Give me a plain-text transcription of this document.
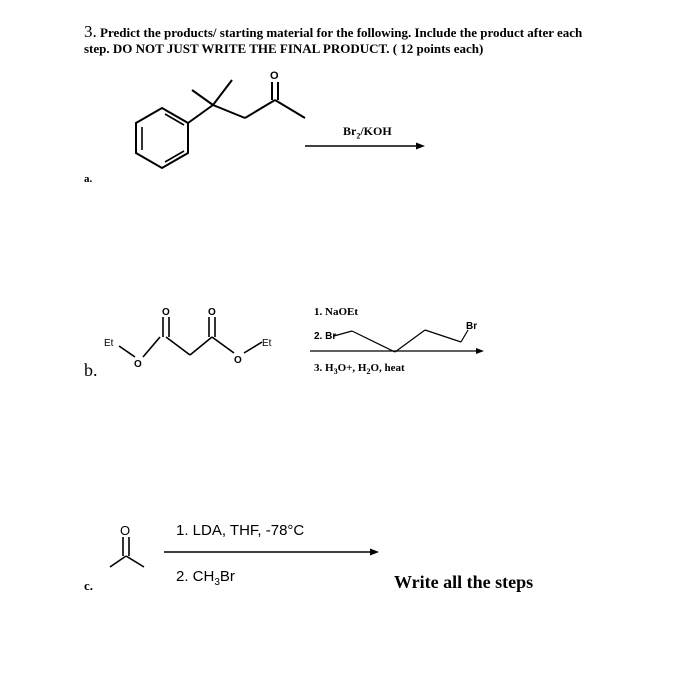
3. Predict the products/ starting material for the following. Include the product after each
step. DO NOT JUST WRITE THE FINAL PRODUCT. ( 12 points each)
O
$Br_2$/KOH
a.
Et
O
O	O
O
Et
Br
1. NaOEt
2. Br
3. $H_3O+$, $H_2O$, heat
b.
O	1. LDA, THF, -78°C
2. $CH_3Br$
c.	Write all the steps
